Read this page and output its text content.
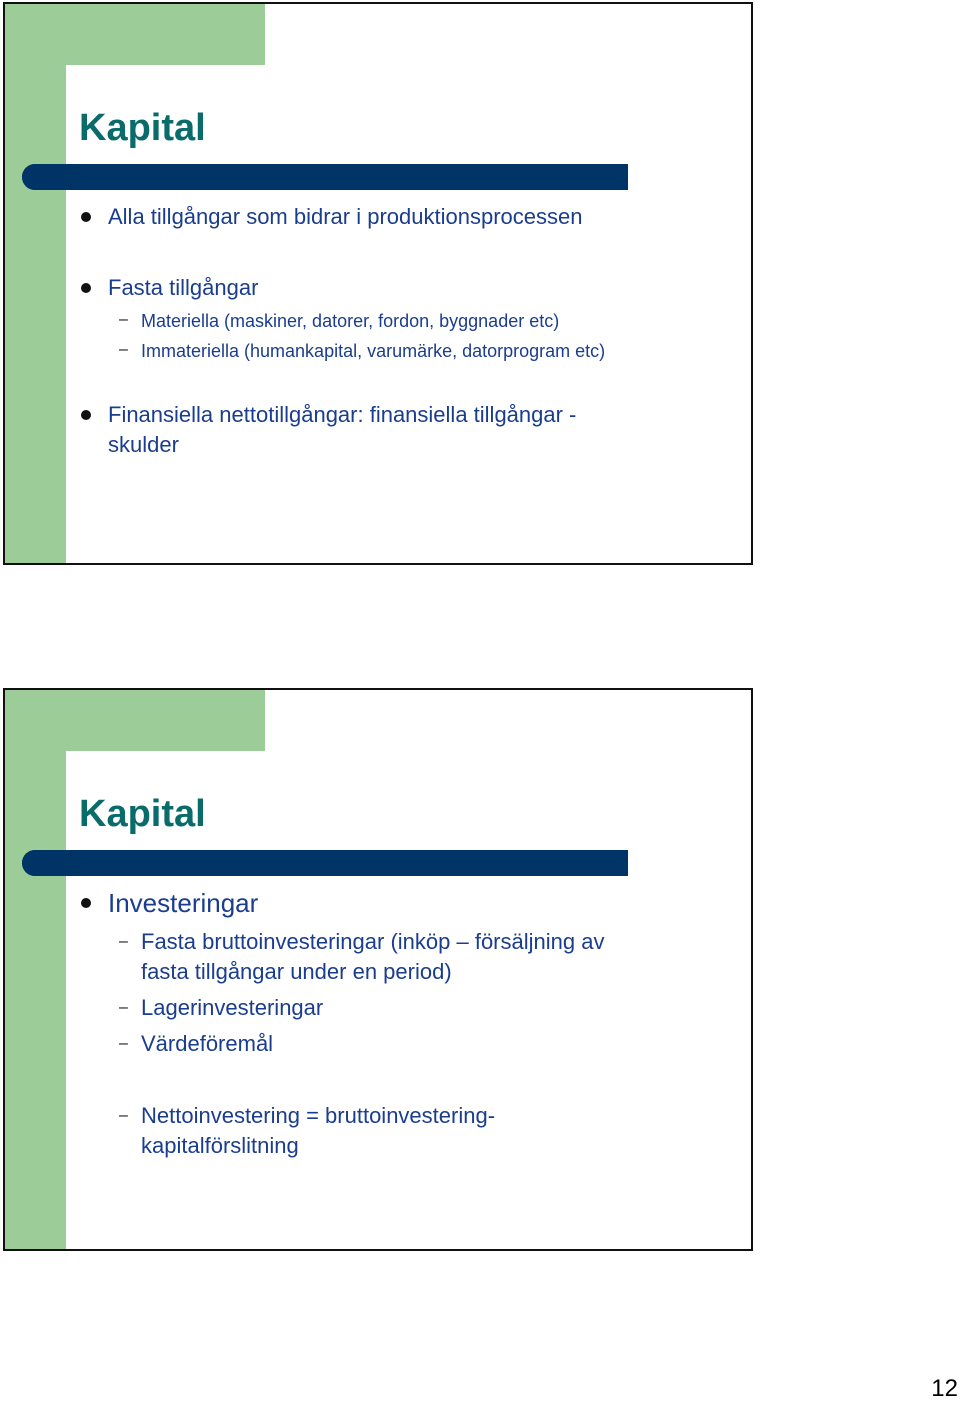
Kapital
Alla tillgångar som bidrar i produktionsprocessen
Fasta tillgångar
– Materiella (maskiner, datorer, fordon, byggnader etc)
– Immateriella (humankapital, varumärke, datorprogram etc)
Finansiella nettotillgångar: finansiella tillgångar -
skulder
Kapital
Investeringar
– Fasta bruttoinvesteringar (inköp – försäljning av
fasta tillgångar under en period)
– Lagerinvesteringar
– Värdeföremål
– Nettoinvestering = bruttoinvestering-
kapitalförslitning
12
